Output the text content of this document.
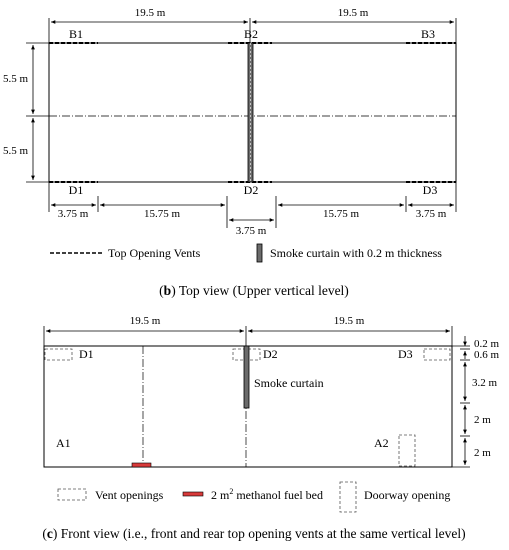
19.5 m	19.5 m
B1	B2	B3
5.5 m
5.5 m
D1	D2	D3
3.75 m	15.75 m	15.75 m	3.75 m
3.75 m
Top Opening Vents	Smoke curtain with 0.2 m thickness
(b) Top view (Upper vertical level)
19.5 m	19.5 m
D1	D2	D3
Smoke curtain
A1	A2
0.2 m
0.6 m
3.2 m
2 m
2 m
Vent openings	2 $m^2$ methanol fuel bed	Doorway opening
(c) Front view (i.e., front and rear top opening vents at the same vertical level)
